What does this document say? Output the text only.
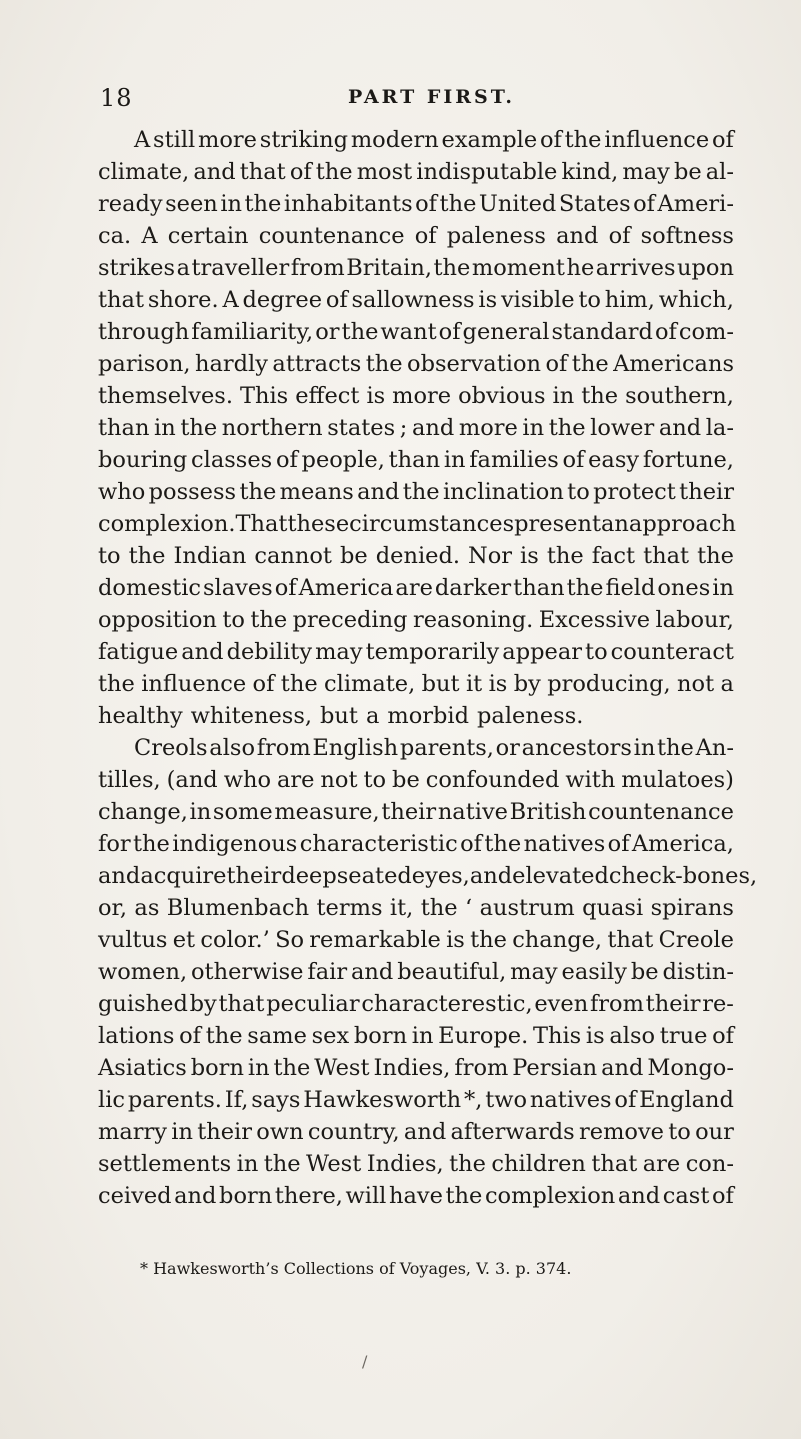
18	PART FIRST.
A still more striking modern example of the influence of
climate, and that of the most indisputable kind, may be al-
ready seen in the inhabitants of the United States of Ameri-
ca. A certain countenance of paleness and of softness
strikes a traveller from Britain, the moment he arrives upon
that shore. A degree of sallowness is visible to him, which,
through familiarity, or the want of general standard of com-
parison, hardly attracts the observation of the Americans
themselves. This effect is more obvious in the southern,
than in the northern states ; and more in the lower and la-
bouring classes of people, than in families of easy fortune,
who possess the means and the inclination to protect their
complexion. That these circumstances present an approach
to the Indian cannot be denied. Nor is the fact that the
domestic slaves of America are darker than the field ones in
opposition to the preceding reasoning. Excessive labour,
fatigue and debility may temporarily appear to counteract
the influence of the climate, but it is by producing, not a
healthy whiteness, but a morbid paleness.
Creols also from English parents, or ancestors in the An-
tilles, (and who are not to be confounded with mulatoes)
change, in some measure, their native British countenance
for the indigenous characteristic of the natives of America,
and acquire their deep seated eyes, and elevated check-bones,
or, as Blumenbach terms it, the ‘ austrum quasi spirans
vultus et color.’ So remarkable is the change, that Creole
women, otherwise fair and beautiful, may easily be distin-
guished by that peculiar characterestic, even from their re-
lations of the same sex born in Europe. This is also true of
Asiatics born in the West Indies, from Persian and Mongo-
lic parents. If, says Hawkesworth *, two natives of England
marry in their own country, and afterwards remove to our
settlements in the West Indies, the children that are con-
ceived and born there, will have the complexion and cast of
* Hawkesworth’s Collections of Voyages, V. 3. p. 374.
/
